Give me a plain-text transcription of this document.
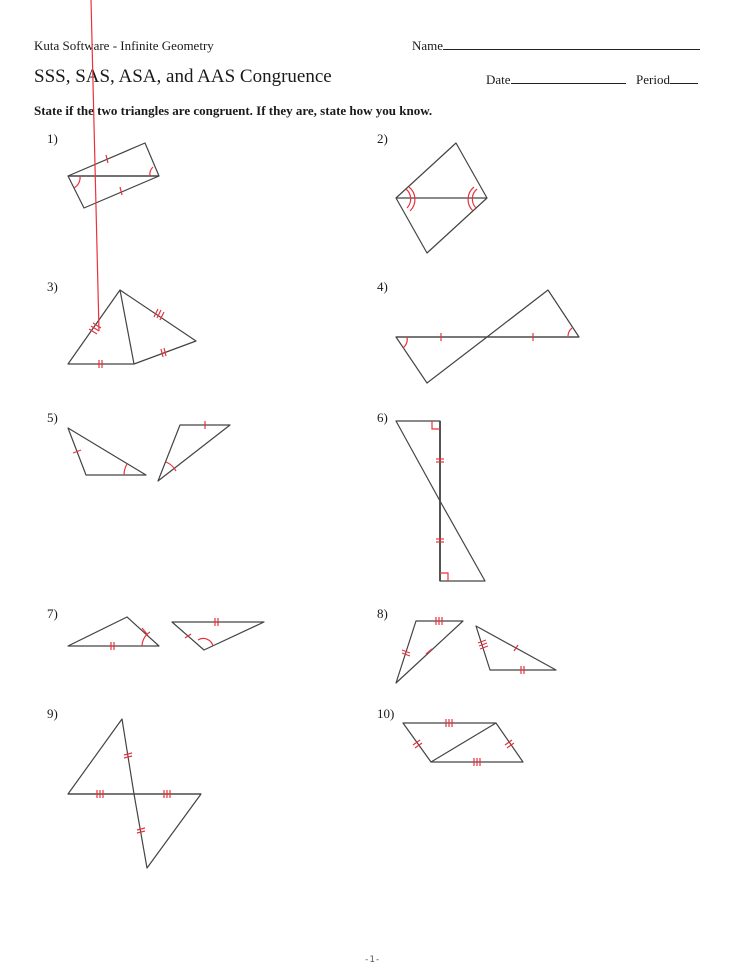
Kuta Software - Infinite Geometry	Name
SSS, SAS, ASA, and AAS Congruence	Date	Period
State if the two triangles are congruent. If they are, state how you know.
1)	2)
3)	4)
5)	6)
7)	8)
9)	10)
-1-
